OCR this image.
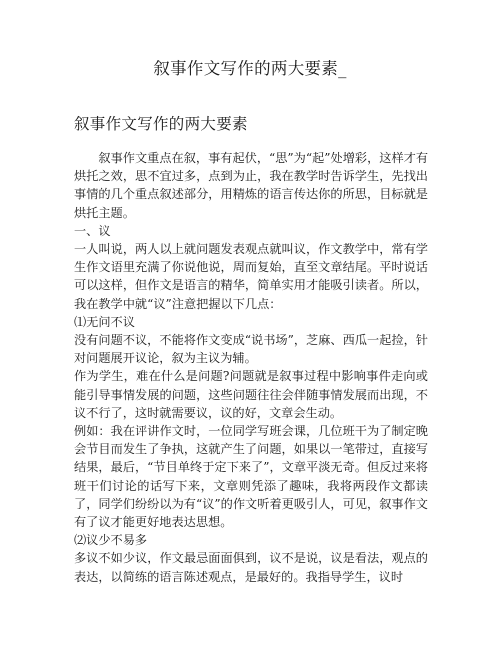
叙事作文写作的两大要素_
叙事作文写作的两大要素

叙事作文重点在叙，事有起伏，“思”为“起”处增彩，这样才有烘托之效，思不宜过多，点到为止，我在教学时告诉学生，先找出事情的几个重点叙述部分，用精炼的语言传达你的所思，目标就是烘托主题。

一、议

一人叫说，两人以上就问题发表观点就叫议，作文教学中，常有学生作文语里充满了你说他说，周而复始，直至文章结尾。平时说话可以这样，但作文是语言的精华，简单实用才能吸引读者。所以，我在教学中就“议”注意把握以下几点：

⑴无问不议

没有问题不议，不能将作文变成“说书场”，芝麻、西瓜一起捡，针对问题展开议论，叙为主议为辅。

作为学生，难在什么是问题?问题就是叙事过程中影响事件走向或能引导事情发展的问题，这些问题往往会伴随事情发展而出现，不议不行了，这时就需要议，议的好，文章会生动。

例如：我在评讲作文时，一位同学写班会课，几位班干为了制定晚会节目而发生了争执，这就产生了问题，如果以一笔带过，直接写结果，最后，“节目单终于定下来了”，文章平淡无奇。但反过来将班干们讨论的话写下来，文章则凭添了趣味，我将两段作文都读了，同学们纷纷以为有“议”的作文听着更吸引人，可见，叙事作文有了议才能更好地表达思想。

⑵议少不易多

多议不如少议，作文最忌面面俱到，议不是说，议是看法，观点的表达，以简练的语言陈述观点，是最好的。我指导学生，议时
